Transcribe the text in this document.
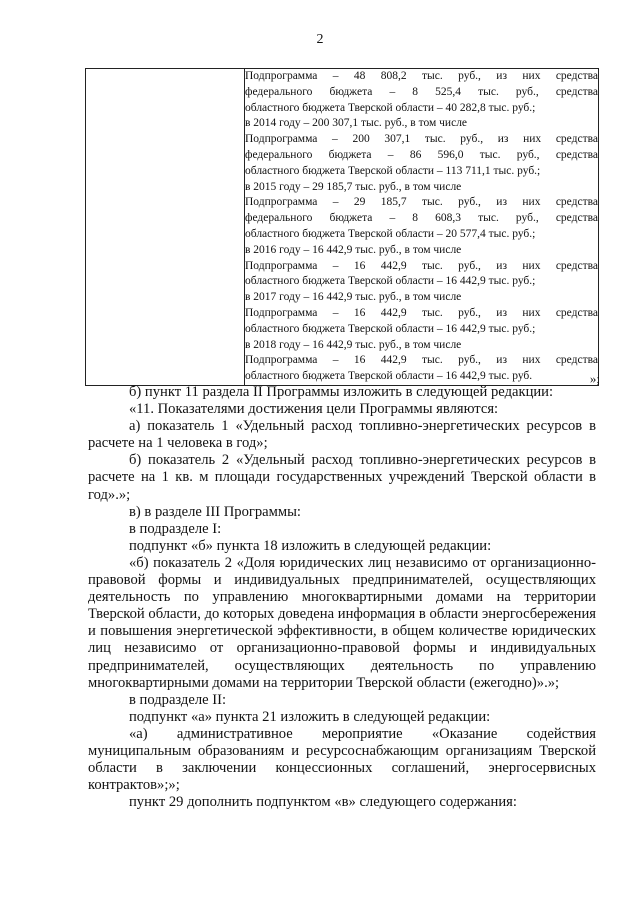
2

Подпрограмма – 48 808,2 тыс. руб., из них средства

федерального бюджета – 8 525,4 тыс. руб., средства

областного бюджета Тверской области – 40 282,8 тыс. руб.;

в 2014 году – 200 307,1 тыс. руб., в том числе

Подпрограмма – 200 307,1 тыс. руб., из них средства

федерального бюджета – 86 596,0 тыс. руб., средства

областного бюджета Тверской области – 113 711,1 тыс. руб.;

в 2015 году – 29 185,7 тыс. руб., в том числе

Подпрограмма – 29 185,7 тыс. руб., из них средства

федерального бюджета – 8 608,3 тыс. руб., средства

областного бюджета Тверской области – 20 577,4 тыс. руб.;

в 2016 году – 16 442,9 тыс. руб., в том числе

Подпрограмма – 16 442,9 тыс. руб., из них средства

областного бюджета Тверской области – 16 442,9 тыс. руб.;

в 2017 году – 16 442,9 тыс. руб., в том числе

Подпрограмма – 16 442,9 тыс. руб., из них средства

областного бюджета Тверской области – 16 442,9 тыс. руб.;

в 2018 году – 16 442,9 тыс. руб., в том числе

Подпрограмма – 16 442,9 тыс. руб., из них средства

областного бюджета Тверской области – 16 442,9 тыс. руб.	»;

б) пункт 11 раздела II Программы изложить в следующей редакции:

«11. Показателями достижения цели Программы являются:

а) показатель 1 «Удельный расход топливно-энергетических ресурсов в расчете на 1 человека в год»;

б) показатель 2 «Удельный расход топливно-энергетических ресурсов в расчете на 1 кв. м площади государственных учреждений Тверской области в год».»;

в) в разделе III Программы:

в подразделе I:

подпункт «б» пункта 18 изложить в следующей редакции:

«б) показатель 2 «Доля юридических лиц независимо от организационно-правовой формы и индивидуальных предпринимателей, осуществляющих деятельность по управлению многоквартирными домами на территории Тверской области, до которых доведена информация в области энергосбережения и повышения энергетической эффективности, в общем количестве юридических лиц независимо от организационно-правовой формы и индивидуальных предпринимателей, осуществляющих деятельность по управлению многоквартирными домами на территории Тверской области (ежегодно)».»;

в подразделе II:

подпункт «а» пункта 21 изложить в следующей редакции:

«а) административное мероприятие «Оказание содействия муниципальным образованиям и ресурсоснабжающим организациям Тверской области в заключении концессионных соглашений, энергосервисных контрактов»;»;

пункт 29 дополнить подпунктом «в» следующего содержания:
